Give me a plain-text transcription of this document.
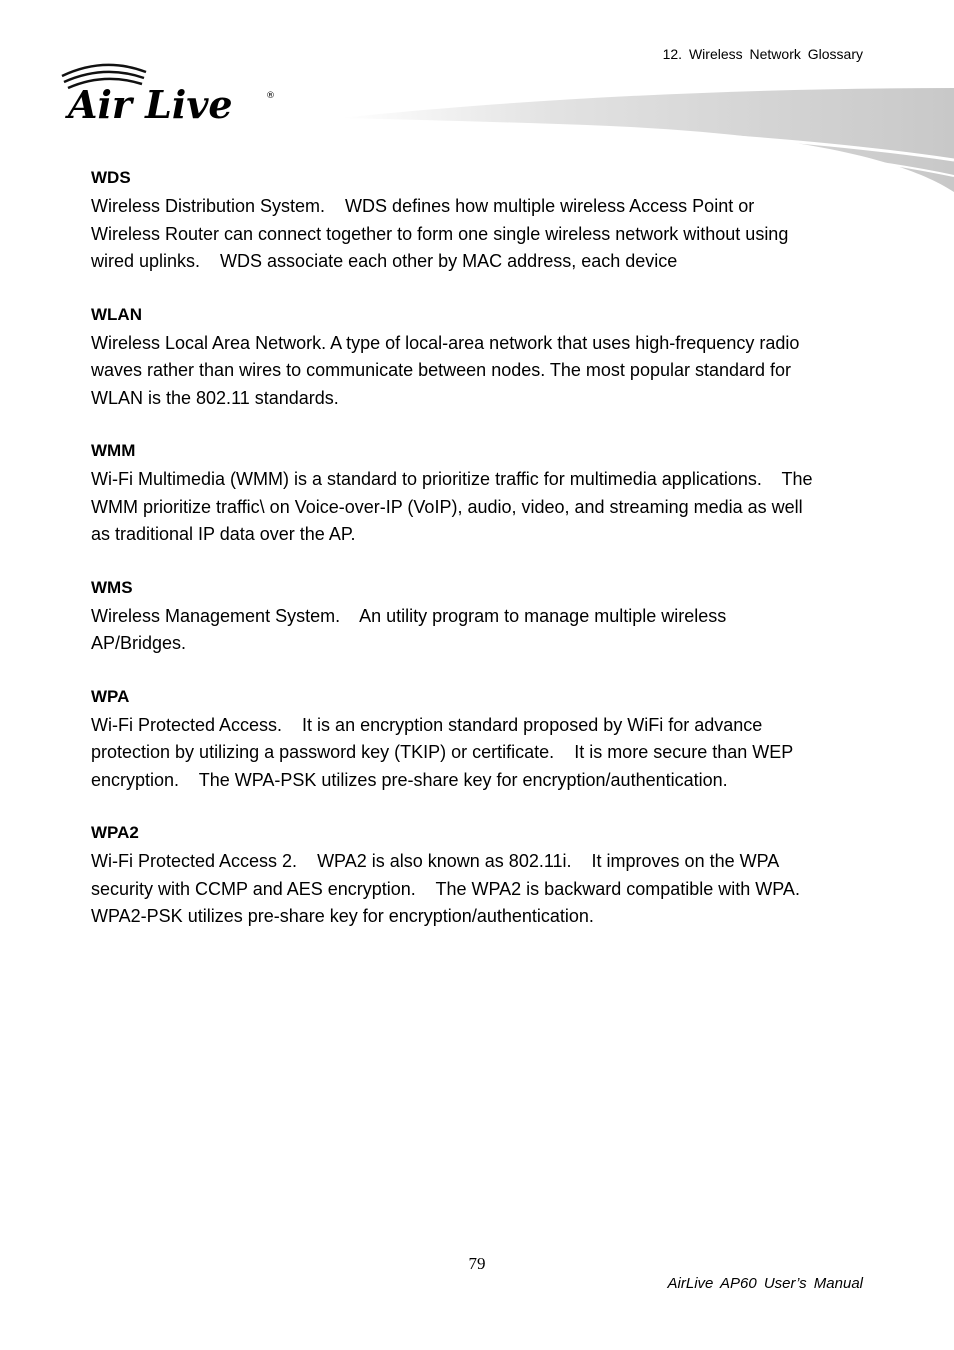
12. Wireless Network Glossary
Air Live	®
WDS

Wireless Distribution System.    WDS defines how multiple wireless Access Point or
Wireless Router can connect together to form one single wireless network without using
wired uplinks.    WDS associate each other by MAC address, each device

WLAN

Wireless Local Area Network. A type of local-area network that uses high-frequency radio
waves rather than wires to communicate between nodes. The most popular standard for
WLAN is the 802.11 standards.

WMM

Wi-Fi Multimedia (WMM) is a standard to prioritize traffic for multimedia applications.    The
WMM prioritize traffic\ on Voice-over-IP (VoIP), audio, video, and streaming media as well
as traditional IP data over the AP.

WMS

Wireless Management System.    An utility program to manage multiple wireless
AP/Bridges.

WPA

Wi-Fi Protected Access.    It is an encryption standard proposed by WiFi for advance
protection by utilizing a password key (TKIP) or certificate.    It is more secure than WEP
encryption.    The WPA-PSK utilizes pre-share key for encryption/authentication.

WPA2

Wi-Fi Protected Access 2.    WPA2 is also known as 802.11i.    It improves on the WPA
security with CCMP and AES encryption.    The WPA2 is backward compatible with WPA.
WPA2-PSK utilizes pre-share key for encryption/authentication.

79
AirLive AP60 User’s Manual
